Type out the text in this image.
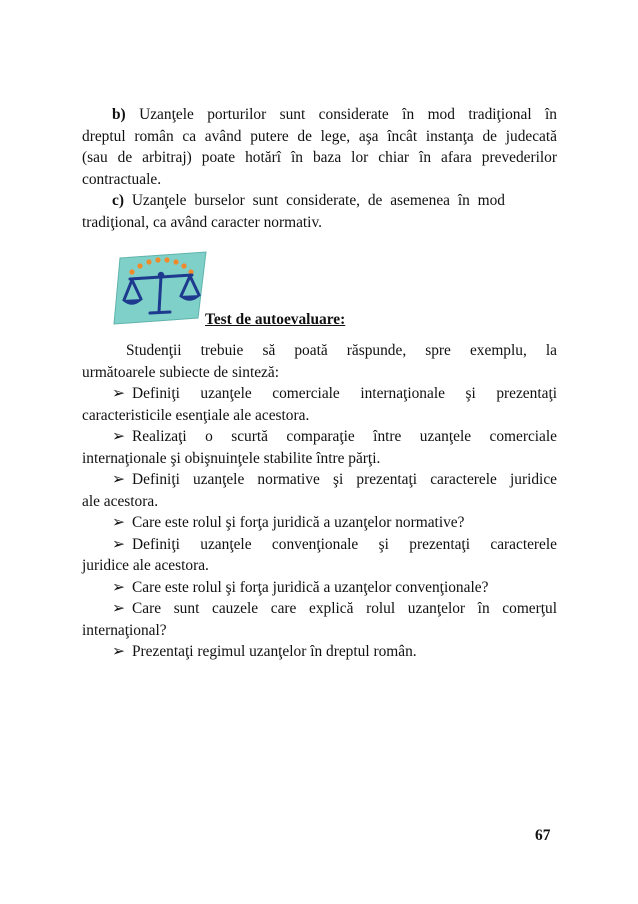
b) Uzanţele porturilor sunt considerate în mod tradiţional în

dreptul român ca având putere de lege, aşa încât instanţa de judecată

(sau de arbitraj) poate hotărî în baza lor chiar în afara prevederilor

contractuale.

c) Uzanţele burselor sunt considerate, de asemenea în mod

tradiţional, ca având caracter normativ.

Test de autoevaluare:

Studenţii trebuie să poată răspunde, spre exemplu, la

următoarele subiecte de sinteză:

➢ Definiţi uzanţele comerciale internaţionale şi prezentaţi

caracteristicile esenţiale ale acestora.

➢ Realizaţi o scurtă comparaţie între uzanţele comerciale

internaţionale şi obişnuinţele stabilite între părţi.

➢ Definiţi uzanţele normative şi prezentaţi caracterele juridice

ale acestora.

➢ Care este rolul şi forţa juridică a uzanţelor normative?

➢ Definiţi uzanţele convenţionale şi prezentaţi caracterele

juridice ale acestora.

➢ Care este rolul şi forţa juridică a uzanţelor convenţionale?

➢ Care sunt cauzele care explică rolul uzanţelor în comerţul

internaţional?

➢ Prezentaţi regimul uzanţelor în dreptul român.

67
